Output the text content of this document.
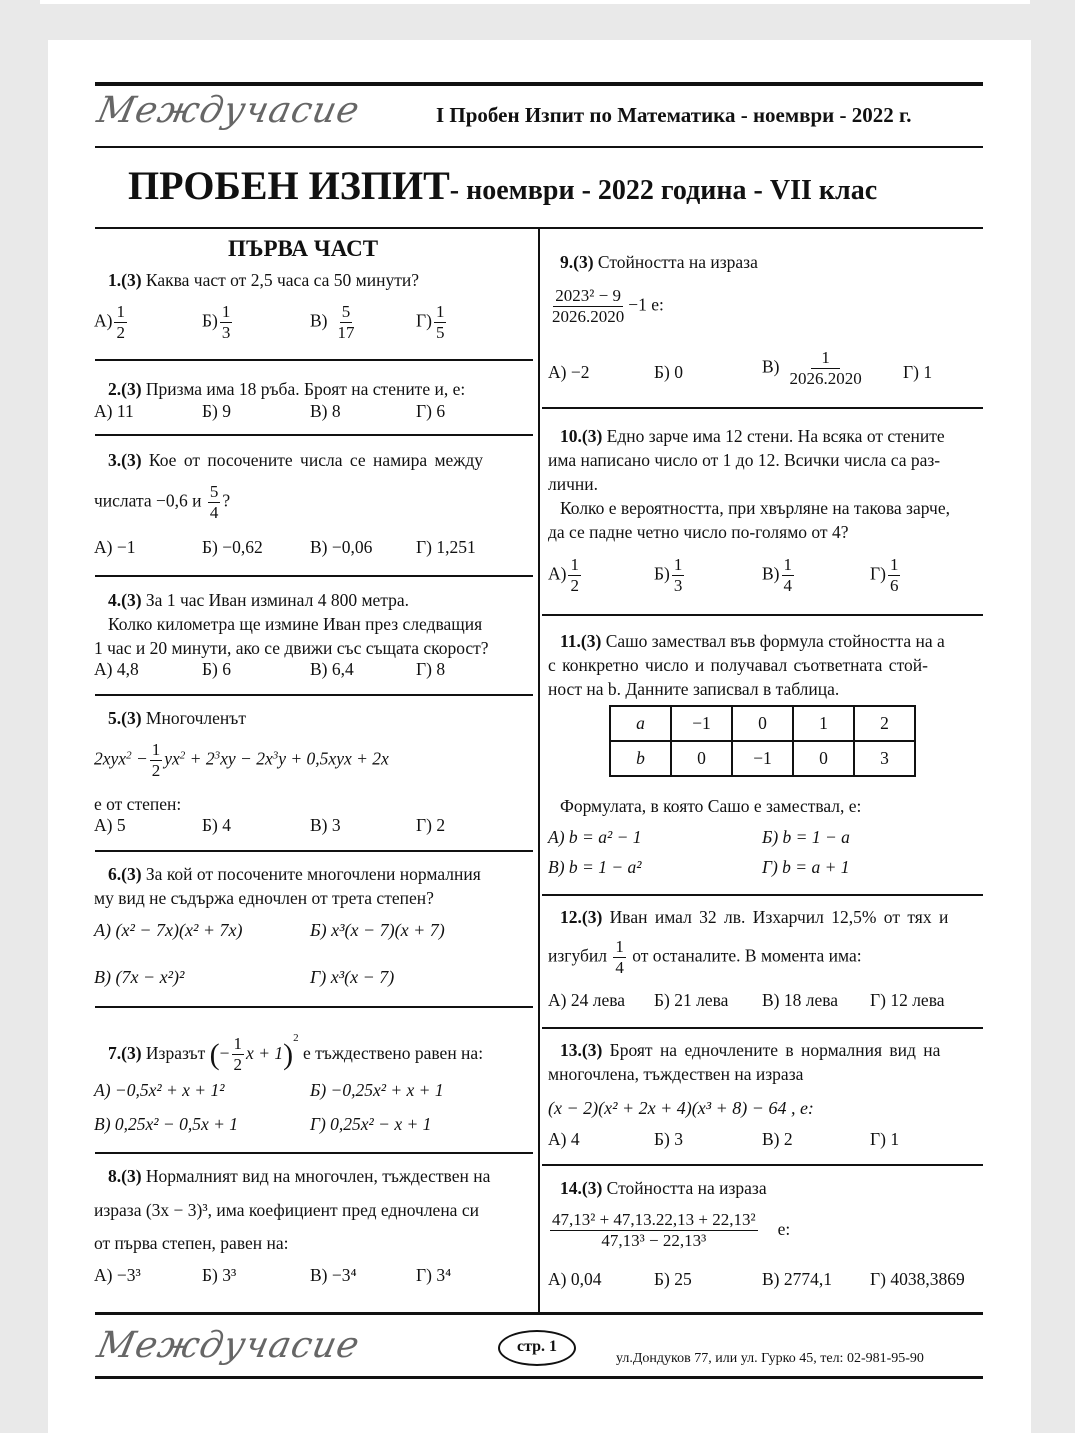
Междучасие	I Пробен Изпит по Математика - ноември - 2022 г.
ПРОБЕН ИЗПИТ- ноември - 2022 година - VII клас
ПЪРВА ЧАСТ
1.(3) Каква част от 2,5 часа са 50 минути?
$А) \frac{1}{2}$	$Б) \frac{1}{3}$	$В) \frac{5}{17}$	$Г) \frac{1}{5}$
2.(3) Призма има 18 ръба. Броят на стените и, е:
А) 11	Б) 9	В) 8	Г) 6
3.(3) Кое от посочените числа се намира между
числата −0,6 и $\frac{5}{4}$ ?
А) −1	Б) −0,62	В) −0,06 Г) 1,251
4.(3) За 1 час Иван изминал 4 800 метра.
Колко километра ще измине Иван през следващия
1 час и 20 минути, ако се движи със същата скорост?
А) 4,8	Б) 6	В) 6,4	Г) 8
5.(3) Многочленът
$2xyx^2 - \frac{1}{2} yx^2 + 2^3xy - 2x^3y + 0,5xyx + 2x$
е от степен:
А) 5	Б) 4	В) 3	Г) 2
6.(3) За кой от посочените многочлени нормалния
му вид не съдържа едночлен от трета степен?
А) (x² − 7x)(x² + 7x)	Б) x³(x − 7)(x + 7)
В) (7x − x²)²	Г) x³(x − 7)
7.(3) Изразът (− $\frac{1}{2}$ x + 1)$^2$ е тъждествено равен на:
А) −0,5x² + x + 1²	Б) −0,25x² + x + 1
В) 0,25x² − 0,5x + 1	Г) 0,25x² − x + 1
8.(3) Нормалният вид на многочлен, тъждествен на
израза (3x − 3)³, има коефициент пред едночлена си
от първа степен, равен на:
А) −3³	Б) 3³	В) −3⁴	Г) 3⁴
9.(3) Стойността на израза
$\frac{\text{2023² − 9}}{2026.2020} -1$ е:
А) −2	Б) 0	$В) \frac{1}{2026.2020} Г$) 1
10.(3) Едно зарче има 12 стени. На всяка от стените
има написано число от 1 до 12. Всички числа са раз-
лични.
Колко е вероятността, при хвърляне на такова зарче,
да се падне четно число по-голямо от 4?
$А) \frac{1}{2}$	$Б) \frac{1}{3}$	$В) \frac{1}{4}$	$Г) \frac{1}{6}$
11.(3) Сашо замествал във формула стойността на a
с конкретно число и получавал съответната стой-
ност на b. Данните записвал в таблица.
a	−1	0	1	2
b	0	−1	0	3
Формулата, в която Сашо е замествал, е:
А) b = a² − 1	Б) b = 1 − a
В) b = 1 − a²	Г) b = a + 1
12.(3) Иван имал 32 лв. Изхарчил 12,5% от тях и
изгубил $\frac{1}{4}$ от останалите. В момента има:
А) 24 лева Б) 21 лева В) 18 лева Г) 12 лева
13.(3) Броят на едночлените в нормалния вид на
многочлена, тъждествен на израза
(x − 2)(x² + 2x + 4)(x³ + 8) − 64 , е:
А) 4	Б) 3	В) 2	Г) 1
14.(3) Стойността на израза
$\frac{\text{47,13² + 47,13.22,13 + 22,13²}}{\text{47,13³ − 22,13³}} е$:
А) 0,04	Б) 25	В) 2774,1 Г) 4038,3869
Междучасие	стр. 1
ул.Дондуков 77, или ул. Гурко 45, тел: 02-981-95-90
